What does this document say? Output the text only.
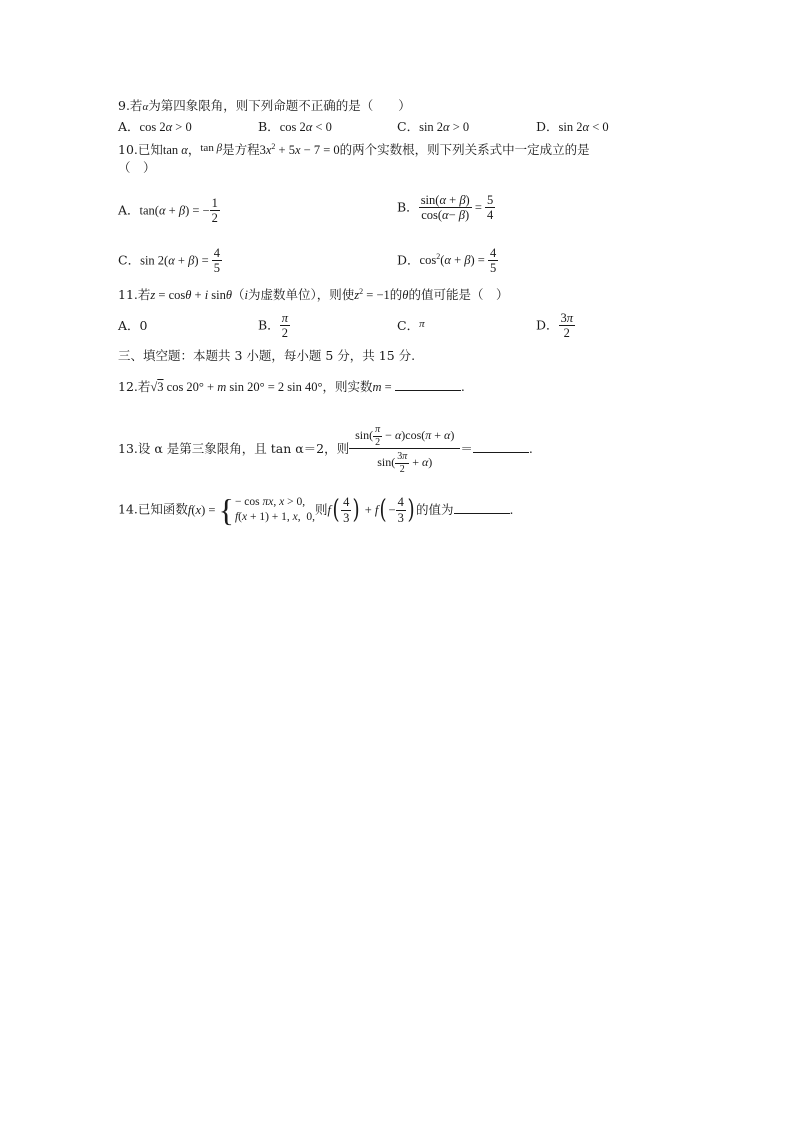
9.若α为第四象限角，则下列命题不正确的是（　　）
A．cos 2α > 0	B．cos 2α < 0	C．sin 2α > 0	D．sin 2α < 0
10.已知tan α，tan β是方程$3x^2 + 5x - 7 = 0$的两个实数根，则下列关系式中一定成立的是
（　）
A．tan(α + β) = − $\frac{1}{2}$	B． $\frac{\sin(\alpha + \beta)}{\cos(\alpha- \beta)} = \frac{5}{4}$
C．$\sin 2(\alpha + \beta) = \frac{4}{5}$	D．$\cos^2(\alpha + \beta) = \frac{4}{5}$
11.若z = cosθ + i sinθ（i为虚数单位），则使$z^2 = -1$的θ的值可能是（　）
A．0	B． $\frac{\pi}{2}$	C．π	D． $\frac{3\pi}{2}$
三、填空题：本题共 3 小题，每小题 5 分，共 15 分.
12.若√3 cos 20° + m sin 20° = 2 sin 40°，则实数m =	.
13.设 α 是第三象限角，且 tan α＝2，则 $\frac{\sin( \frac{\pi}{2} - \alpha)\cos(\pi + \alpha)}{\sin( \frac{3\pi}{2} + \alpha)}$ ＝	.
14.已知函数f(x) = { − cos πx, x > 0,
f(x + 1) + 1, x,  0,
则$f( \frac{4}{3}$ ) + $f( - \frac{4}{3}$ ) 的值为	.
